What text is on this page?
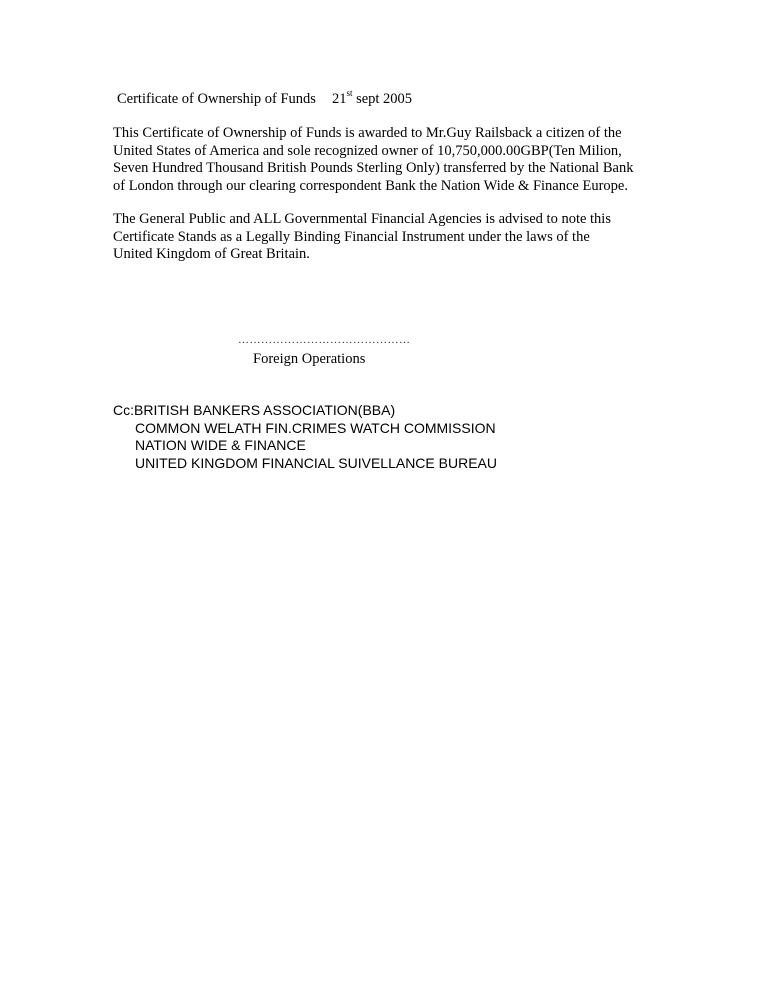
Certificate of Ownership of Funds 21st sept 2005

This Certificate of Ownership of Funds is awarded to Mr.Guy Railsback a citizen of the
United States of America and sole recognized owner of 10,750,000.00GBP(Ten Milion,
Seven Hundred Thousand British Pounds Sterling Only) transferred by the National Bank
of London through our clearing correspondent Bank the Nation Wide & Finance Europe.

The General Public and ALL Governmental Financial Agencies is advised to note this
Certificate Stands as a Legally Binding Financial Instrument under the laws of the
United Kingdom of Great Britain.

………………………………………
Foreign Operations
Cc:BRITISH BANKERS ASSOCIATION(BBA)
COMMON WELATH FIN.CRIMES WATCH COMMISSION
NATION WIDE & FINANCE
UNITED KINGDOM FINANCIAL SUIVELLANCE BUREAU
